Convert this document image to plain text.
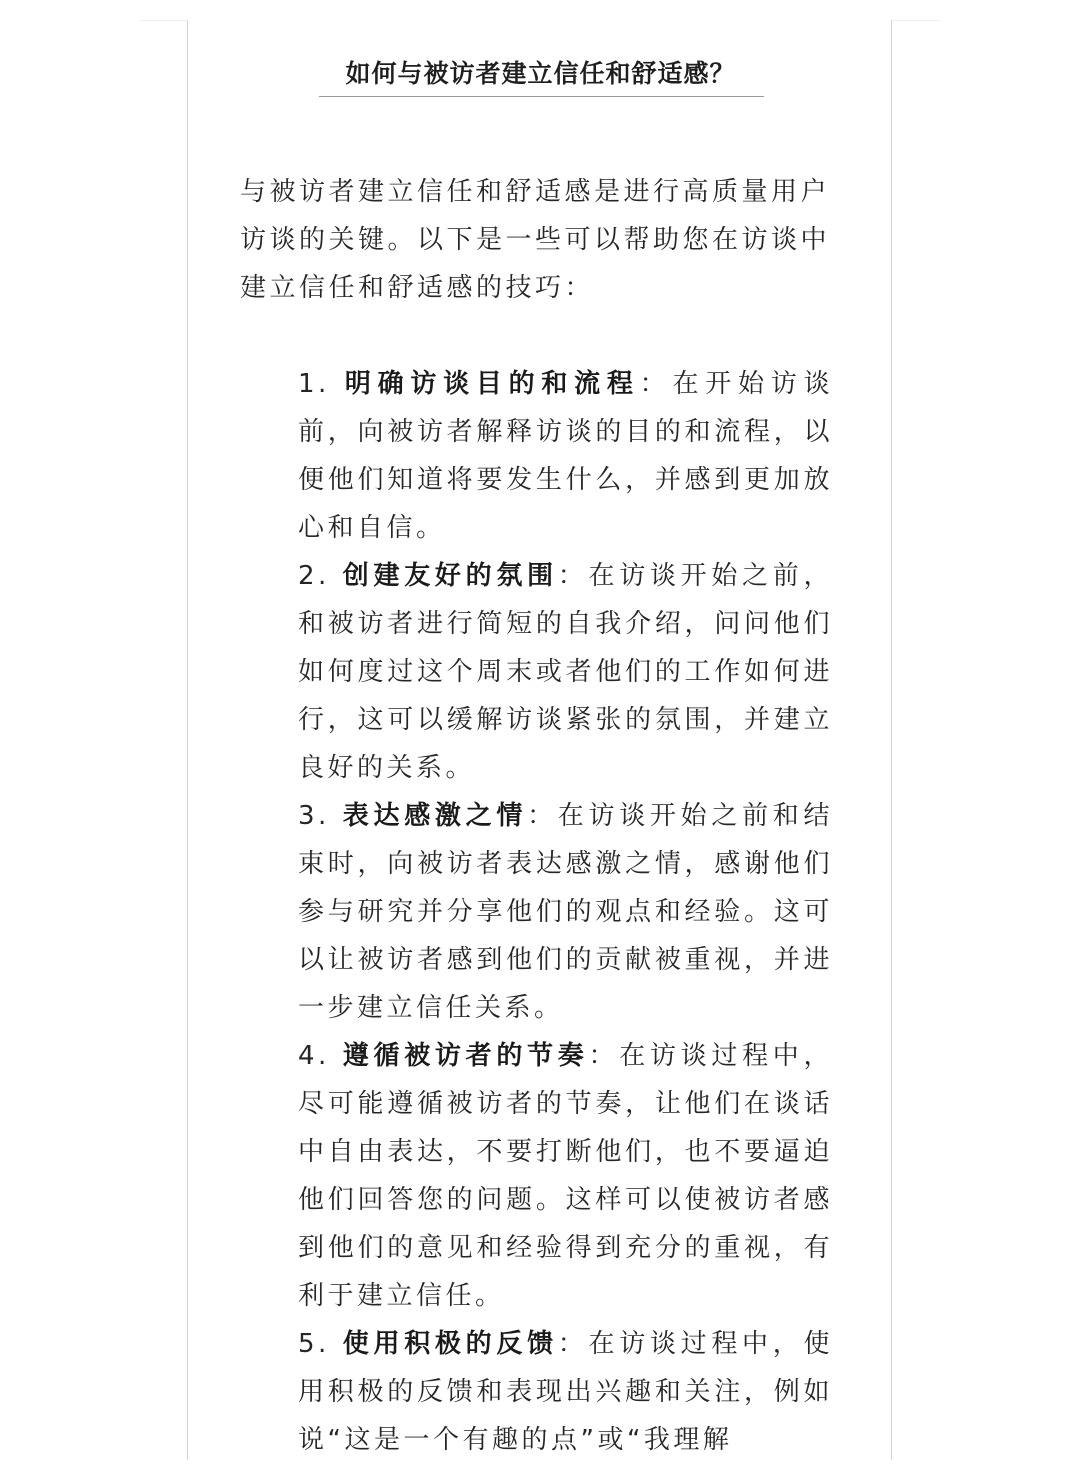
如何与被访者建立信任和舒适感？

与被访者建立信任和舒适感是进行高质量用户访谈的关键。以下是一些可以帮助您在访谈中建立信任和舒适感的技巧：

1. 明确访谈目的和流程：在开始访谈前，向被访者解释访谈的目的和流程，以便他们知道将要发生什么，并感到更加放心和自信。
2. 创建友好的氛围：在访谈开始之前，和被访者进行简短的自我介绍，问问他们如何度过这个周末或者他们的工作如何进行，这可以缓解访谈紧张的氛围，并建立良好的关系。
3. 表达感激之情：在访谈开始之前和结束时，向被访者表达感激之情，感谢他们参与研究并分享他们的观点和经验。这可以让被访者感到他们的贡献被重视，并进一步建立信任关系。
4. 遵循被访者的节奏：在访谈过程中，尽可能遵循被访者的节奏，让他们在谈话中自由表达，不要打断他们，也不要逼迫他们回答您的问题。这样可以使被访者感到他们的意见和经验得到充分的重视，有利于建立信任。
5. 使用积极的反馈：在访谈过程中，使用积极的反馈和表现出兴趣和关注，例如说“这是一个有趣的点”或“我理解
